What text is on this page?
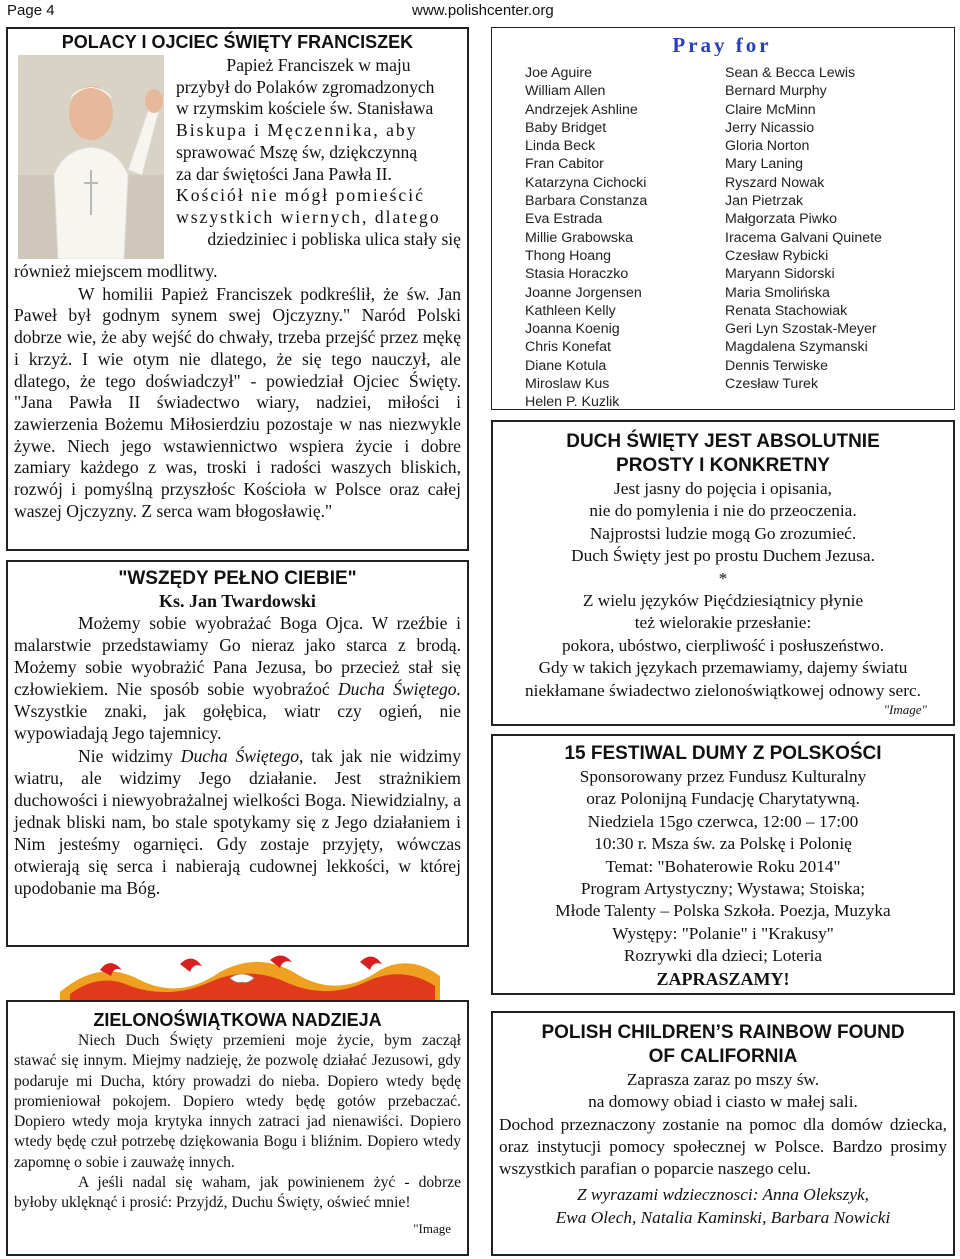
Page 4	www.polishcenter.org
POLACY I OJCIEC ŚWIĘTY FRANCISZEK
Papież Franciszek w maju
przybył do Polaków zgromadzonych
w rzymskim kościele św. Stanisława
Biskupa i Męczennika, aby
sprawować Mszę św, dziękczynną
za dar świętości Jana Pawła II.
Kościół nie mógł pomieścić
wszystkich wiernych, dlatego
dziedziniec i pobliska ulica stały się
również miejscem modlitwy.
W homilii Papież Franciszek podkreślił, że św. Jan Paweł był godnym synem swej Ojczyzny." Naród Polski dobrze wie, że aby wejść do chwały, trzeba przejść przez mękę i krzyż. I wie otym nie dlatego, że się tego nauczył, ale dlatego, że tego doświadczył" - powiedział Ojciec Święty. "Jana Pawła II świadectwo wiary, nadziei, miłości i zawierzenia Bożemu Miłosierdziu pozostaje w nas niezwykle żywe. Niech jego wstawiennictwo wspiera życie i dobre zamiary każdego z was, troski i radości waszych bliskich, rozwój i pomyślną przyszłośc Kościoła w Polsce oraz całej waszej Ojczyzny. Z serca wam błogosławię."
Pray for
Joe Aguire
William Allen
Andrzejek Ashline
Baby Bridget
Linda Beck
Fran Cabitor
Katarzyna Cichocki
Barbara Constanza
Eva Estrada
Millie Grabowska
Thong Hoang
Stasia Horaczko
Joanne Jorgensen
Kathleen Kelly
Joanna Koenig
Chris Konefat
Diane Kotula
Miroslaw Kus
Helen P. Kuzlik
Sean & Becca Lewis
Bernard Murphy
Claire McMinn
Jerry Nicassio
Gloria Norton
Mary Laning
Ryszard Nowak
Jan Pietrzak
Małgorzata Piwko
Iracema Galvani Quinete
Czesław Rybicki
Maryann Sidorski
Maria Smolińska
Renata Stachowiak
Geri Lyn Szostak-Meyer
Magdalena Szymanski
Dennis Terwiske
Czesław Turek
"WSZĘDY PEŁNO CIEBIE"
Ks. Jan Twardowski
Możemy sobie wyobrażać Boga Ojca. W rzeźbie i malarstwie przedstawiamy Go nieraz jako starca z brodą. Możemy sobie wyobrażić Pana Jezusa, bo przecież stał się człowiekiem. Nie sposób sobie wyobraźoć Ducha Świętego. Wszystkie znaki, jak gołębica, wiatr czy ogień, nie wypowiadają Jego tajemnicy.
Nie widzimy Ducha Świętego, tak jak nie widzimy wiatru, ale widzimy Jego działanie. Jest strażnikiem duchowości i niewyobrażalnej wielkości Boga. Niewidzialny, a jednak bliski nam, bo stale spotykamy się z Jego działaniem i Nim jesteśmy ogarnięci. Gdy zostaje przyjęty, wówczas otwierają się serca i nabierają cudownej lekkości, w której upodobanie ma Bóg.
ZIELONOŚWIĄTKOWA NADZIEJA
Niech Duch Święty przemieni moje życie, bym zaczął stawać się innym. Miejmy nadzieję, że pozwolę działać Jezusowi, gdy podaruje mi Ducha, który prowadzi do nieba. Dopiero wtedy będę promieniował pokojem. Dopiero wtedy będę gotów przebaczać. Dopiero wtedy moja krytyka innych zatraci jad nienawiści. Dopiero wtedy będę czuł potrzebę dziękowania Bogu i bliźnim. Dopiero wtedy zapomnę o sobie i zauważę innych.
A jeśli nadal się waham, jak powinienem żyć - dobrze byłoby uklęknąć i prosić: Przyjdź, Duchu Święty, oświeć mnie!
"Image
DUCH ŚWIĘTY JEST ABSOLUTNIE
PROSTY I KONKRETNY
Jest jasny do pojęcia i opisania,
nie do pomylenia i nie do przeoczenia.
Najprostsi ludzie mogą Go zrozumieć.
Duch Święty jest po prostu Duchem Jezusa.
*
Z wielu języków Pięćdziesiątnicy płynie
też wielorakie przesłanie:
pokora, ubóstwo, cierpliwość i posłuszeństwo.
Gdy w takich językach przemawiamy, dajemy światu
niekłamane świadectwo zielonoświątkowej odnowy serc.
"Image"
15 FESTIWAL DUMY Z POLSKOŚCI
Sponsorowany przez Fundusz Kulturalny
oraz Polonijną Fundację Charytatywną.
Niedziela 15go czerwca, 12:00 – 17:00
10:30 r. Msza św. za Polskę i Polonię
Temat: "Bohaterowie Roku 2014"
Program Artystyczny; Wystawa; Stoiska;
Młode Talenty – Polska Szkoła. Poezja, Muzyka
Występy: "Polanie" i "Krakusy"
Rozrywki dla dzieci; Loteria
ZAPRASZAMY!
POLISH CHILDREN’S RAINBOW FOUND
OF CALIFORNIA
Zaprasza zaraz po mszy św.
na domowy obiad i ciasto w małej sali.
Dochod przeznaczony zostanie na pomoc dla domów dziecka, oraz instytucji pomocy społecznej w Polsce. Bardzo prosimy wszystkich parafian o poparcie naszego celu.
Z wyrazami wdziecznosci: Anna Olekszyk,
Ewa Olech, Natalia Kaminski, Barbara Nowicki
